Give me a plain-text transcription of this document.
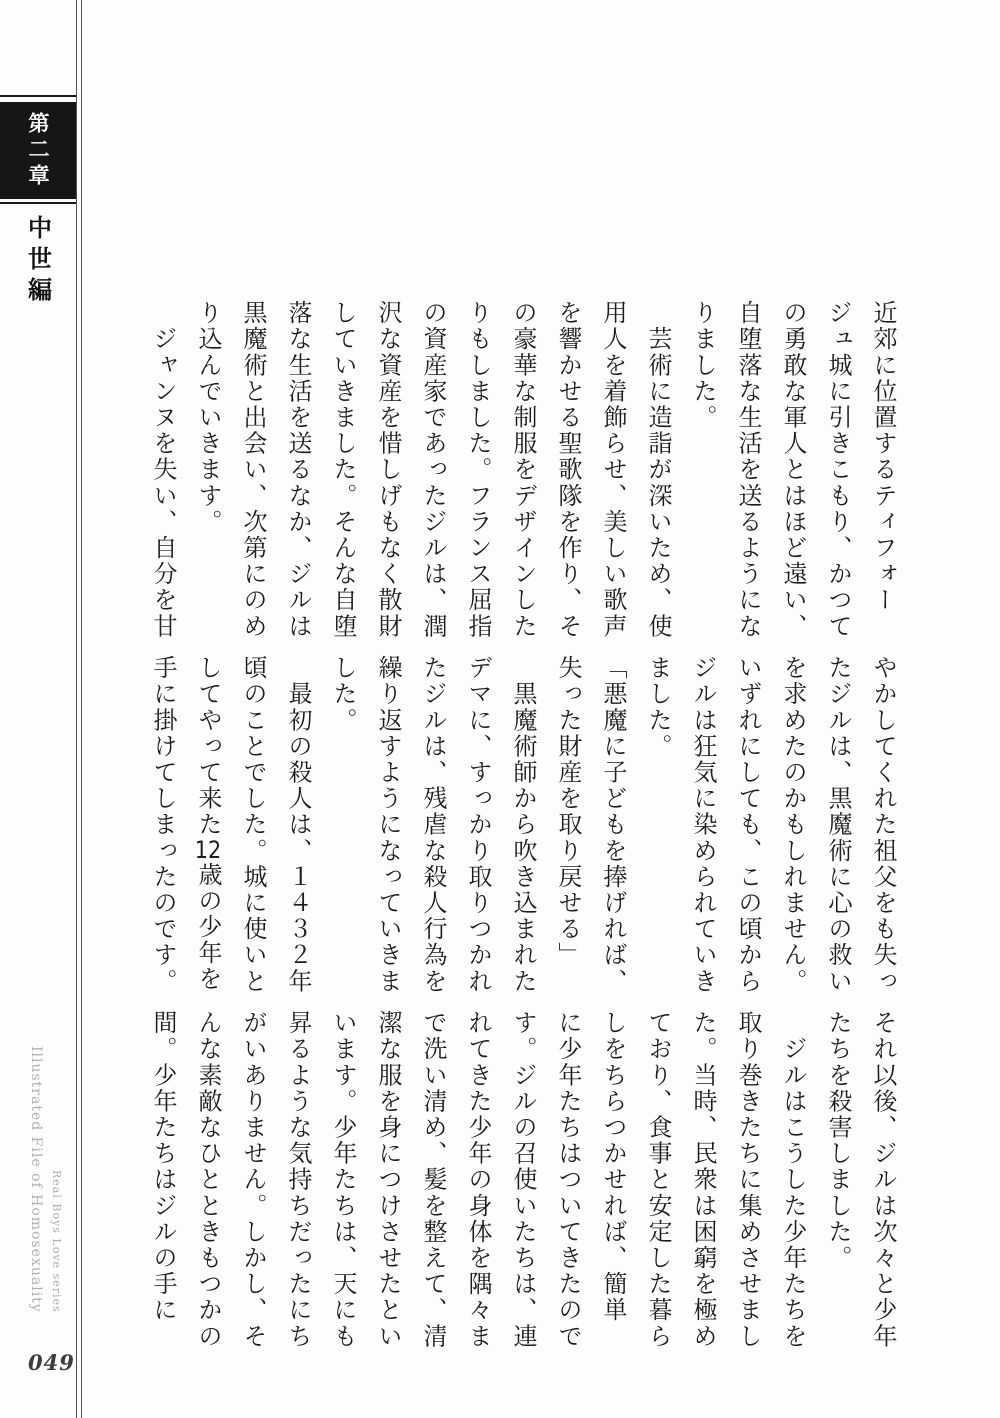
第二章
中世編

近郊に位置するティフォー

ジュ城に引きこもり、かつて

の勇敢な軍人とはほど遠い、

自堕落な生活を送るようにな

りました。

　芸術に造詣が深いため、使

用人を着飾らせ、美しい歌声

を響かせる聖歌隊を作り、そ

の豪華な制服をデザインした

りもしました。フランス屈指

の資産家であったジルは、潤

沢な資産を惜しげもなく散財

していきました。そんな自堕

落な生活を送るなか、ジルは

黒魔術と出会い、次第にのめ

り込んでいきます。

　ジャンヌを失い、自分を甘

やかしてくれた祖父をも失っ

たジルは、黒魔術に心の救い

を求めたのかもしれません。

いずれにしても、この頃から

ジルは狂気に染められていき

ました。

「悪魔に子どもを捧げれば、

失った財産を取り戻せる」

　黒魔術師から吹き込まれた

デマに、すっかり取りつかれ

たジルは、残虐な殺人行為を

繰り返すようになっていきま

した。

　最初の殺人は、１４３２年

頃のことでした。城に使いと

してやって来た12歳の少年を

手に掛けてしまったのです。

それ以後、ジルは次々と少年

たちを殺害しました。

　ジルはこうした少年たちを

取り巻きたちに集めさせまし

た。当時、民衆は困窮を極め

ており、食事と安定した暮ら

しをちらつかせれば、簡単

に少年たちはついてきたので

す。ジルの召使いたちは、連

れてきた少年の身体を隅々ま

で洗い清め、髪を整えて、清

潔な服を身につけさせたとい

います。少年たちは、天にも

昇るような気持ちだったにち

がいありません。しかし、そ

んな素敵なひとときもつかの

間。少年たちはジルの手に

Illustrated File of Homosexuality Real Boys Love series
049
